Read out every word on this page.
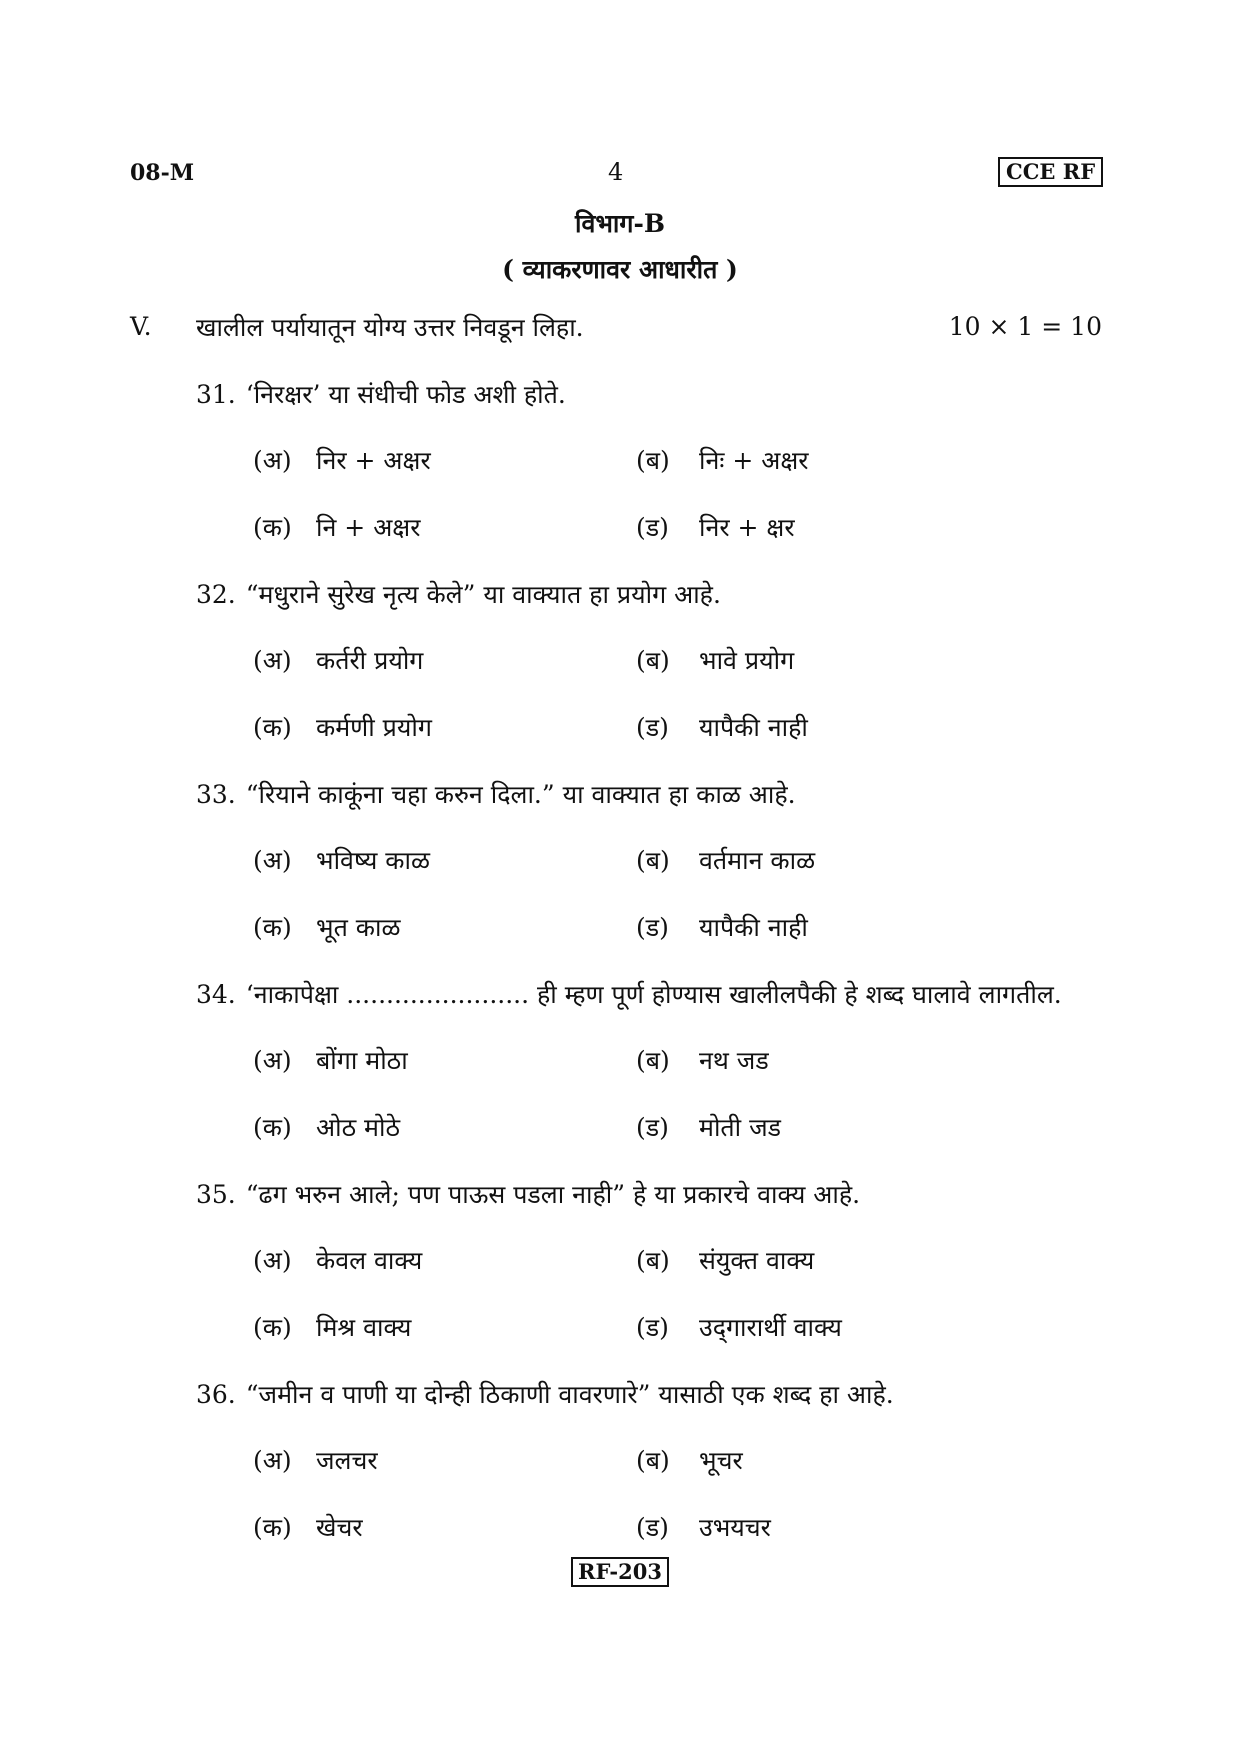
08-M	4	CCE RF
विभाग-B
( व्याकरणावर आधारीत )
V. खालील पर्यायातून योग्य उत्तर निवडून लिहा.	10 × 1 = 10
31. ‘निरक्षर’ या संधीची फोड अशी होते.
(अ) निर + अक्षर	(ब) निः + अक्षर
(क) नि + अक्षर	(ड) निर + क्षर
32. “मधुराने सुरेख नृत्य केले” या वाक्यात हा प्रयोग आहे.
(अ) कर्तरी प्रयोग	(ब) भावे प्रयोग
(क) कर्मणी प्रयोग	(ड) यापैकी नाही
33. “रियाने काकूंना चहा करुन दिला.” या वाक्यात हा काळ आहे.
(अ) भविष्य काळ	(ब) वर्तमान काळ
(क) भूत काळ	(ड) यापैकी नाही
34. ‘नाकापेक्षा ....................... ही म्हण पूर्ण होण्यास खालीलपैकी हे शब्द घालावे लागतील.
(अ) बोंगा मोठा	(ब) नथ जड
(क) ओठ मोठे	(ड) मोती जड
35. “ढग भरुन आले; पण पाऊस पडला नाही” हे या प्रकारचे वाक्य आहे.
(अ) केवल वाक्य	(ब) संयुक्त वाक्य
(क) मिश्र वाक्य	(ड) उद्‌गारार्थी वाक्य
36. “जमीन व पाणी या दोन्ही ठिकाणी वावरणारे” यासाठी एक शब्द हा आहे.
(अ) जलचर	(ब) भूचर
(क) खेचर	(ड) उभयचर
RF-203
